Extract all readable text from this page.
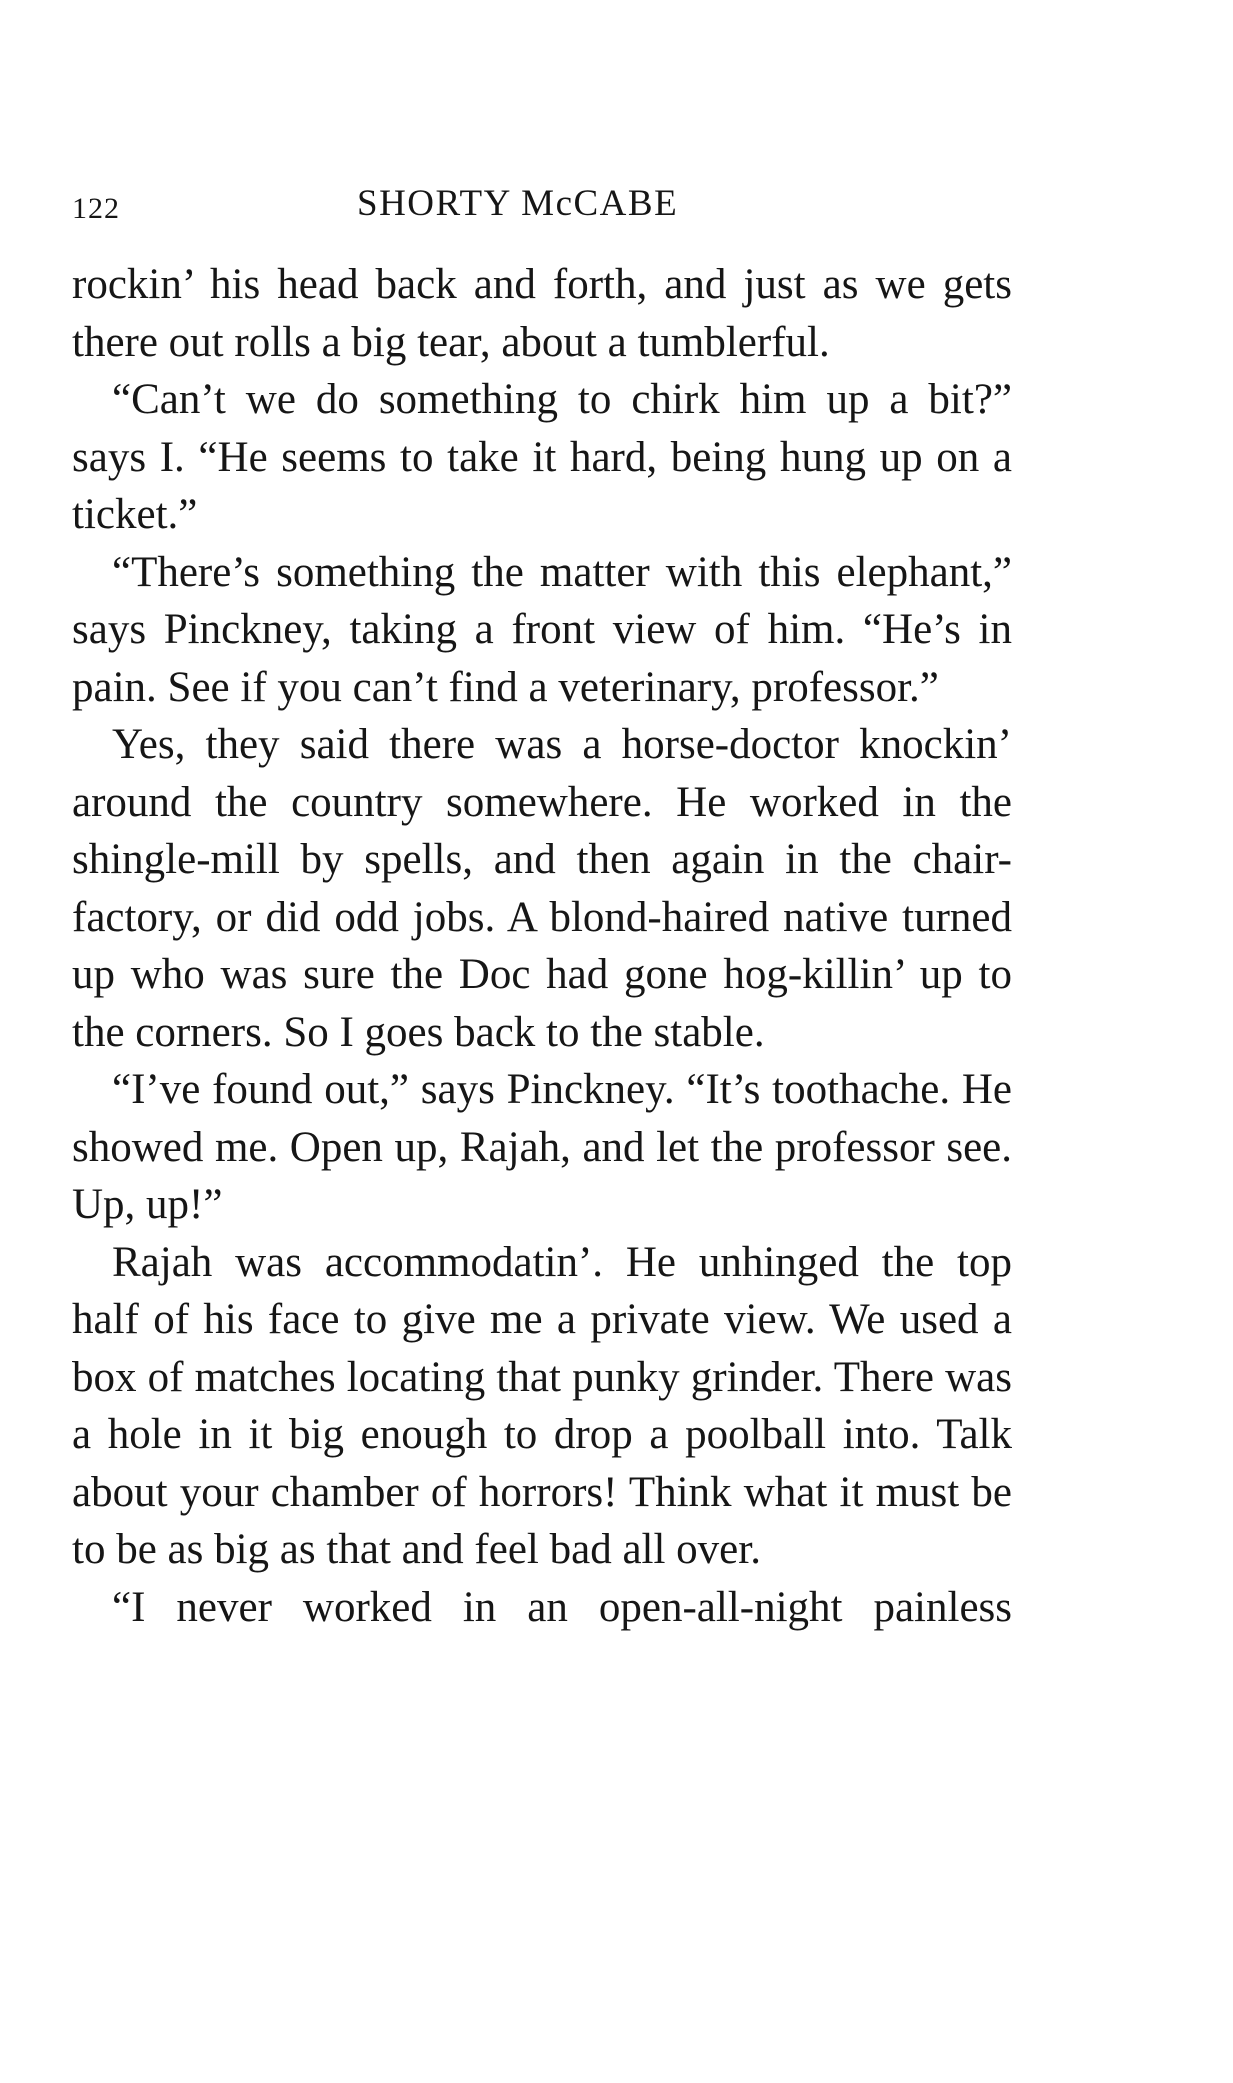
122	SHORTY McCABE

rockin’ his head back and forth, and just as we gets there out rolls a big tear, about a tumblerful.

“Can’t we do something to chirk him up a bit?” says I. “He seems to take it hard, being hung up on a ticket.”

“There’s something the matter with this elephant,” says Pinckney, taking a front view of him. “He’s in pain. See if you can’t find a veterinary, professor.”

Yes, they said there was a horse-doctor knockin’ around the country somewhere. He worked in the shingle-mill by spells, and then again in the chair-factory, or did odd jobs. A blond-haired native turned up who was sure the Doc had gone hog-killin’ up to the corners. So I goes back to the stable.

“I’ve found out,” says Pinckney. “It’s toothache. He showed me. Open up, Rajah, and let the professor see. Up, up!”

Rajah was accommodatin’. He unhinged the top half of his face to give me a private view. We used a box of matches locating that punky grinder. There was a hole in it big enough to drop a poolball into. Talk about your chamber of horrors! Think what it must be to be as big as that and feel bad all over.

“I never worked in an open-all-night painless
